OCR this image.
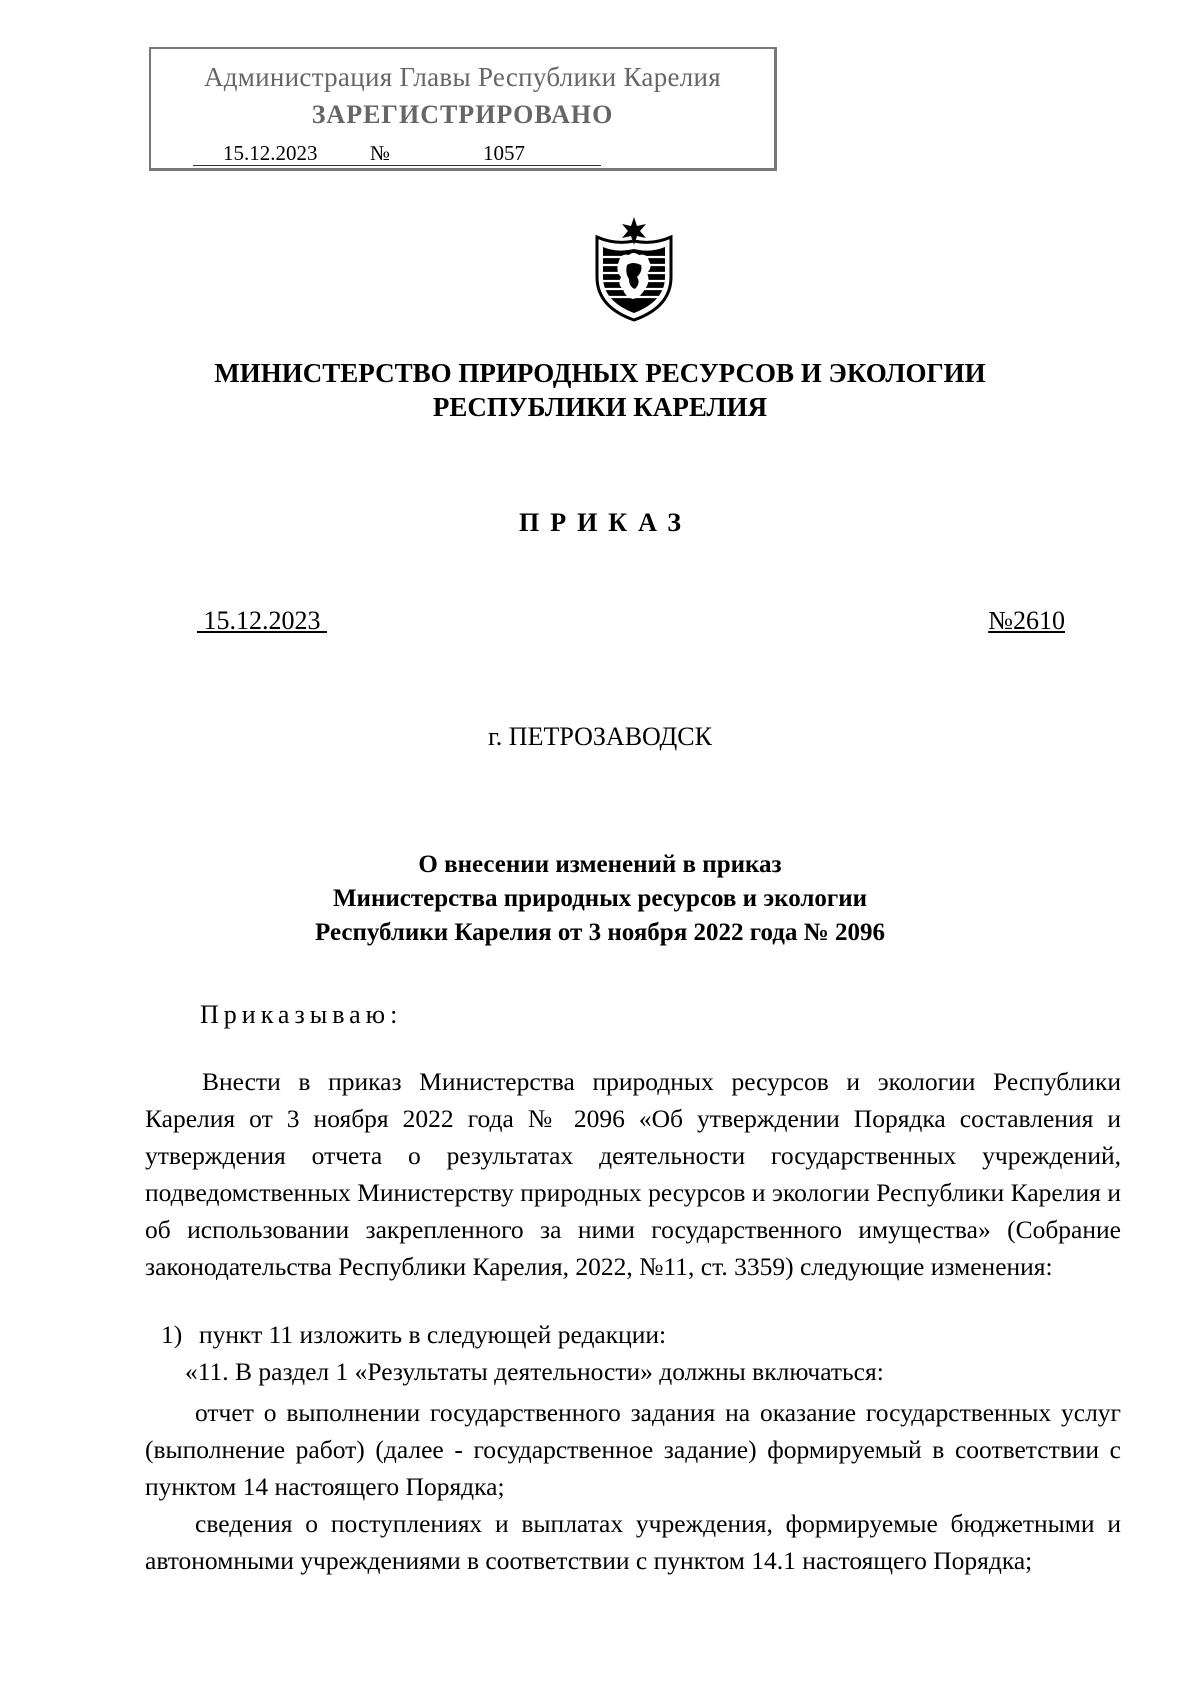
Администрация Главы Республики Карелия
ЗАРЕГИСТРИРОВАНО
15.12.2023	№	1057
МИНИСТЕРСТВО ПРИРОДНЫХ РЕСУРСОВ И ЭКОЛОГИИ
РЕСПУБЛИКИ КАРЕЛИЯ
ПРИКАЗ
15.12.2023	№2610
г. ПЕТРОЗАВОДСК
О внесении изменений в приказ
Министерства природных ресурсов и экологии
Республики Карелия от 3 ноября 2022 года № 2096
Приказываю:

Внести в приказ Министерства природных ресурсов и экологии Республики Карелия от 3 ноября 2022 года № 2096 «Об утверждении Порядка составления и утверждения отчета о результатах деятельности государственных учреждений, подведомственных Министерству природных ресурсов и экологии Республики Карелия и об использовании закрепленного за ними государственного имущества» (Собрание законодательства Республики Карелия, 2022, №11, ст. 3359) следующие изменения:

1) пункт 11 изложить в следующей редакции:
«11. В раздел 1 «Результаты деятельности» должны включаться:

отчет о выполнении государственного задания на оказание государственных услуг (выполнение работ) (далее - государственное задание) формируемый в соответствии с пунктом 14 настоящего Порядка;

сведения о поступлениях и выплатах учреждения, формируемые бюджетными и автономными учреждениями в соответствии с пунктом 14.1 настоящего Порядка;
